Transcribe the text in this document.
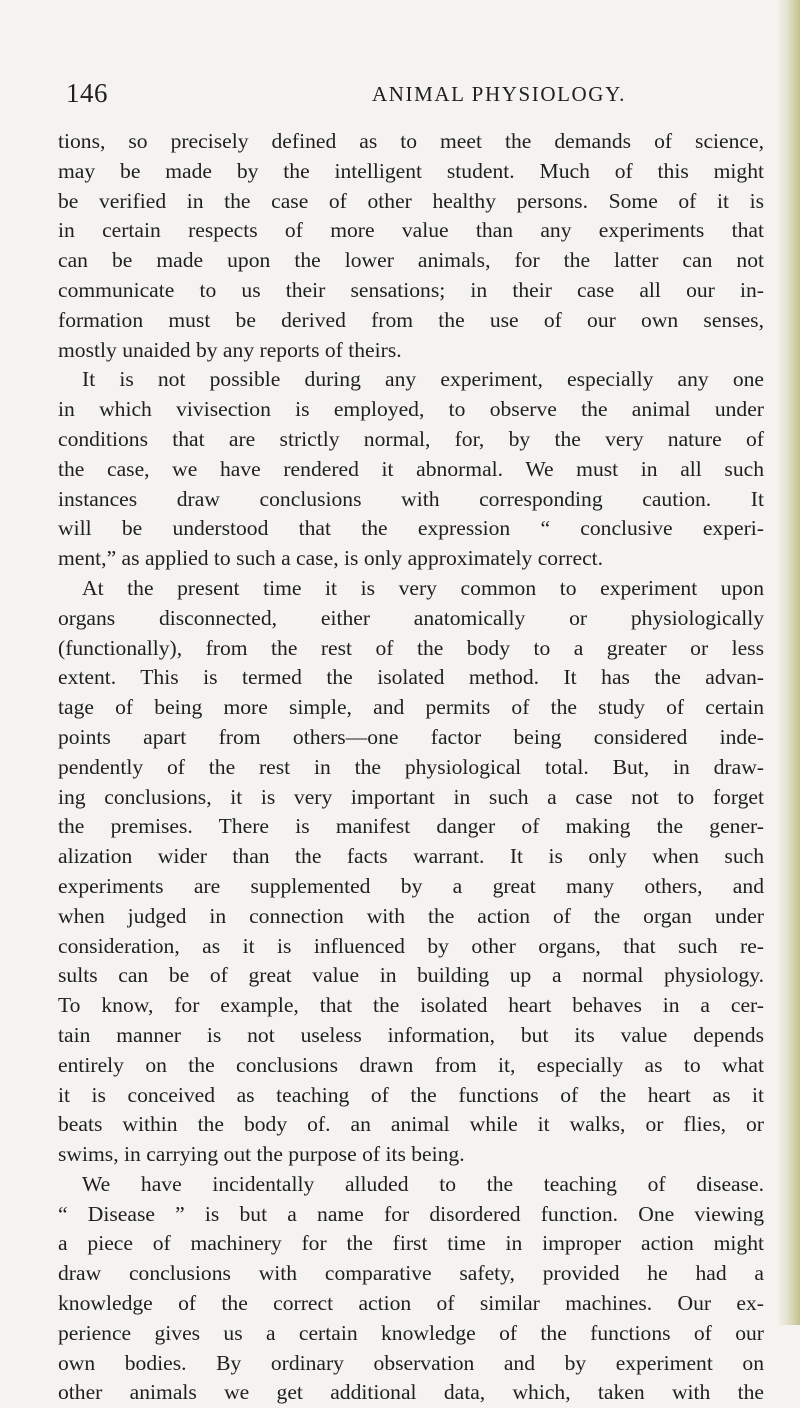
146	ANIMAL PHYSIOLOGY.
tions, so precisely defined as to meet the demands of science,
may be made by the intelligent student. Much of this might
be verified in the case of other healthy persons. Some of it is
in certain respects of more value than any experiments that
can be made upon the lower animals, for the latter can not
communicate to us their sensations; in their case all our in-
formation must be derived from the use of our own senses,
mostly unaided by any reports of theirs.
It is not possible during any experiment, especially any one
in which vivisection is employed, to observe the animal under
conditions that are strictly normal, for, by the very nature of
the case, we have rendered it abnormal. We must in all such
instances draw conclusions with corresponding caution. It
will be understood that the expression “ conclusive experi-
ment,” as applied to such a case, is only approximately correct.
At the present time it is very common to experiment upon
organs disconnected, either anatomically or physiologically
(functionally), from the rest of the body to a greater or less
extent. This is termed the isolated method. It has the advan-
tage of being more simple, and permits of the study of certain
points apart from others—one factor being considered inde-
pendently of the rest in the physiological total. But, in draw-
ing conclusions, it is very important in such a case not to forget
the premises. There is manifest danger of making the gener-
alization wider than the facts warrant. It is only when such
experiments are supplemented by a great many others, and
when judged in connection with the action of the organ under
consideration, as it is influenced by other organs, that such re-
sults can be of great value in building up a normal physiology.
To know, for example, that the isolated heart behaves in a cer-
tain manner is not useless information, but its value depends
entirely on the conclusions drawn from it, especially as to what
it is conceived as teaching of the functions of the heart as it
beats within the body of. an animal while it walks, or flies, or
swims, in carrying out the purpose of its being.
We have incidentally alluded to the teaching of disease.
“ Disease ” is but a name for disordered function. One viewing
a piece of machinery for the first time in improper action might
draw conclusions with comparative safety, provided he had a
knowledge of the correct action of similar machines. Our ex-
perience gives us a certain knowledge of the functions of our
own bodies. By ordinary observation and by experiment on
other animals we get additional data, which, taken with the
